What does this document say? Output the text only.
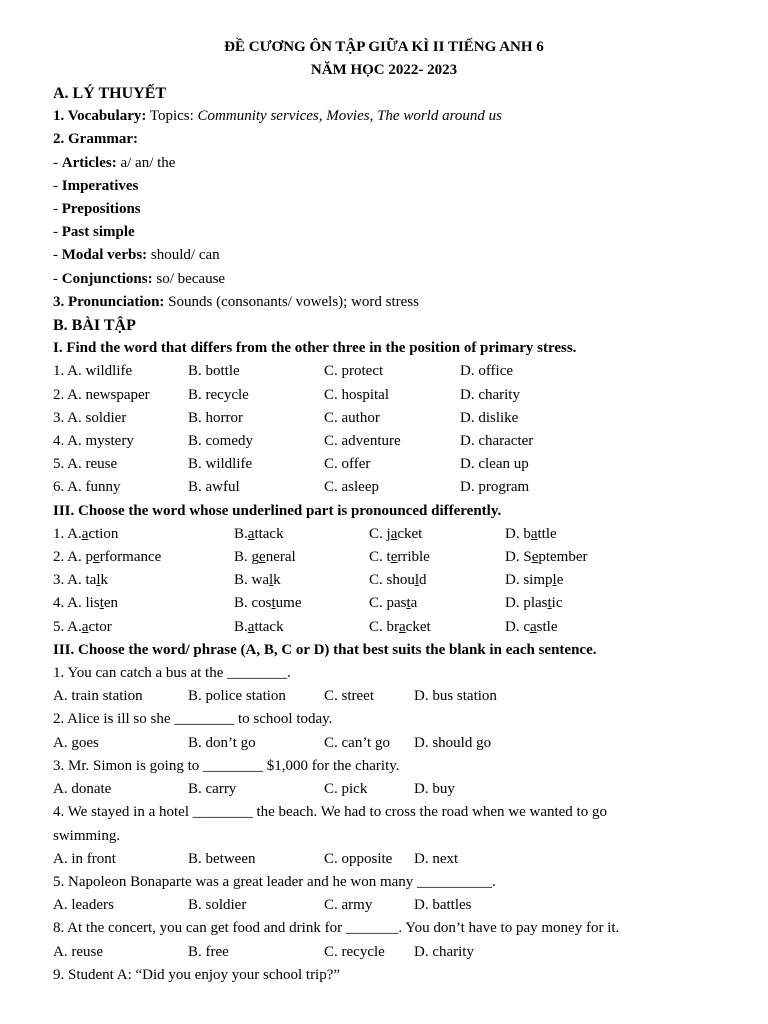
ĐỀ CƯƠNG ÔN TẬP GIỮA KÌ II TIẾNG ANH 6
NĂM HỌC 2022- 2023
A. LÝ THUYẾT
1. Vocabulary: Topics: Community services, Movies, The world around us
2. Grammar:
- Articles: a/ an/ the
- Imperatives
- Prepositions
- Past simple
- Modal verbs: should/ can
- Conjunctions: so/ because
3. Pronunciation: Sounds (consonants/ vowels); word stress
B. BÀI TẬP
I. Find the word that differs from the other three in the position of primary stress.
1. A. wildlife	B. bottle	C. protect	D. office
2. A. newspaper	B. recycle	C. hospital	D. charity
3. A. soldier	B. horror	C. author	D. dislike
4. A. mystery	B. comedy	C. adventure	D. character
5. A. reuse	B. wildlife	C. offer	D. clean up
6. A. funny	B. awful	C. asleep	D. program
III. Choose the word whose underlined part is pronounced differently.
1. A.action	B.attack	C. jacket	D. battle
2. A. performance	B. general	C. terrible	D. September
3. A. talk	B. walk	C. should	D. simple
4. A. listen	B. costume	C. pasta	D. plastic
5. A.actor	B.attack	C. bracket	D. castle
III. Choose the word/ phrase (A, B, C or D) that best suits the blank in each sentence.
1. You can catch a bus at the ________.
A. train station	B. police station	C. street	D. bus station
2. Alice is ill so she ________ to school today.
A. goes	B. don’t go	C. can’t go	D. should go
3. Mr. Simon is going to ________ $1,000 for the charity.
A. donate	B. carry	C. pick	D. buy
4. We stayed in a hotel ________ the beach. We had to cross the road when we wanted to go
swimming.
A. in front	B. between	C. opposite	D. next
5. Napoleon Bonaparte was a great leader and he won many __________.
A. leaders	B. soldier	C. army	D. battles
8. At the concert, you can get food and drink for _______. You don’t have to pay money for it.
A. reuse	B. free	C. recycle	D. charity
9. Student A: “Did you enjoy your school trip?”
